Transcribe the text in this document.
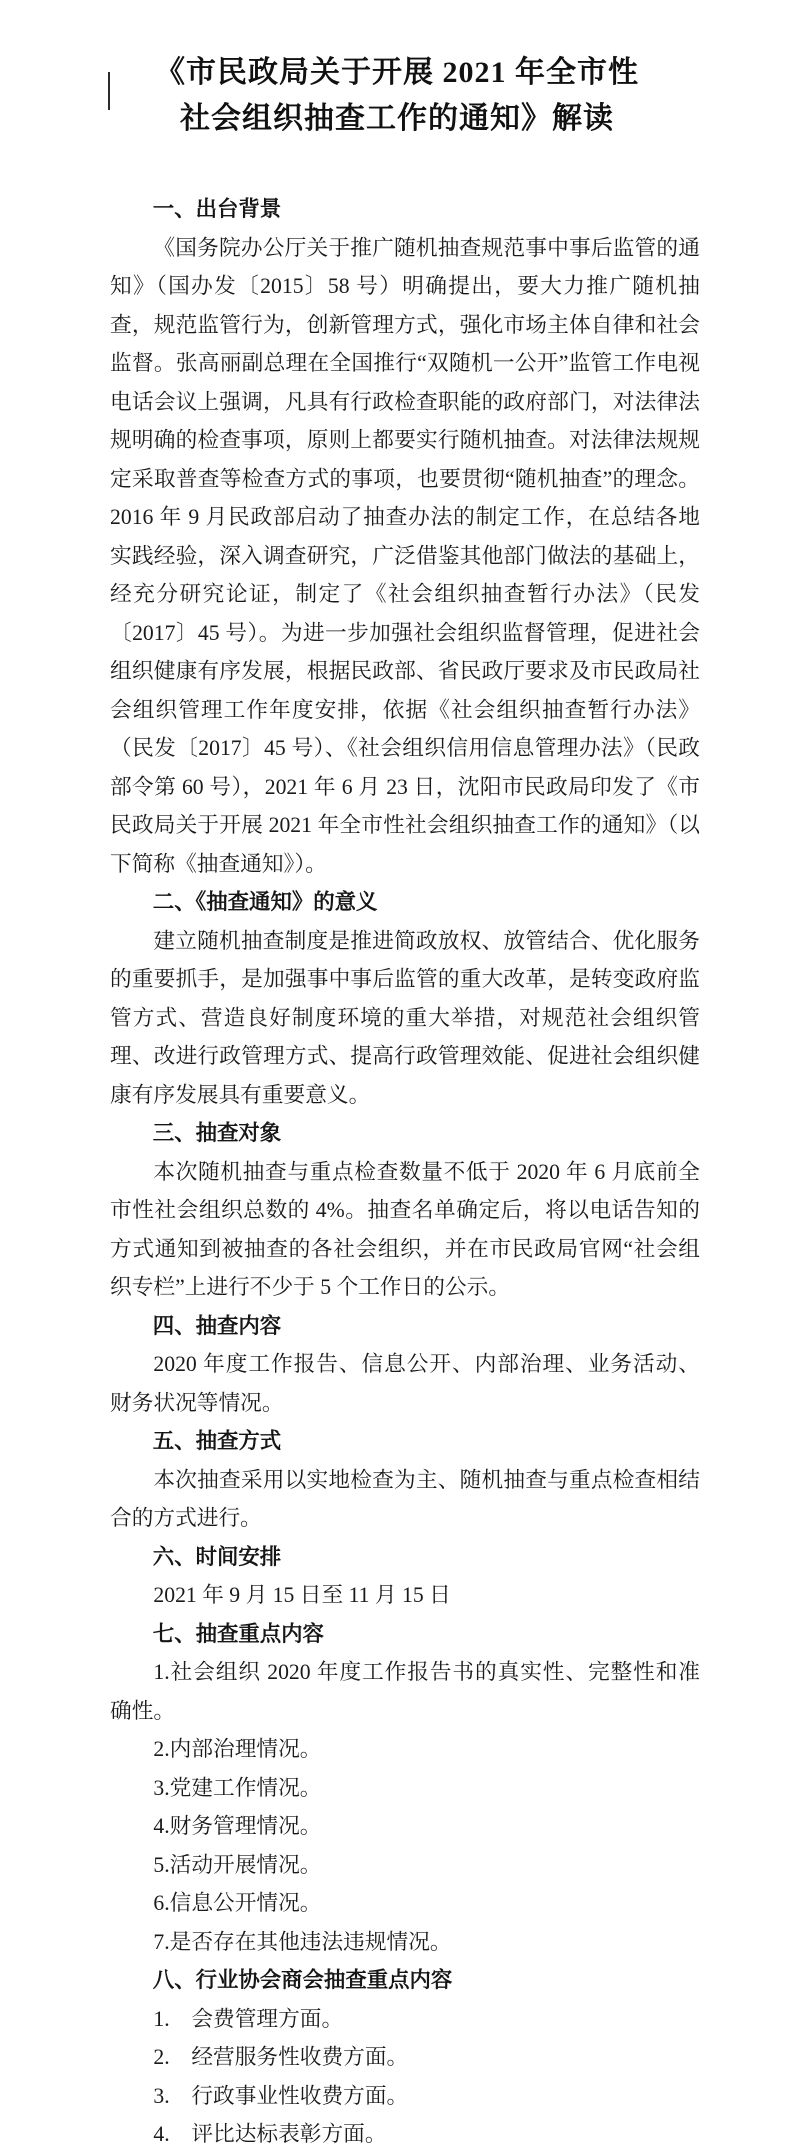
《市民政局关于开展 2021 年全市性
社会组织抽查工作的通知》解读
一、出台背景

《国务院办公厅关于推广随机抽查规范事中事后监管的通知》（国办发〔2015〕58 号）明确提出，要大力推广随机抽查，规范监管行为，创新管理方式，强化市场主体自律和社会监督。张高丽副总理在全国推行“双随机一公开”监管工作电视电话会议上强调，凡具有行政检查职能的政府部门，对法律法规明确的检查事项，原则上都要实行随机抽查。对法律法规规定采取普查等检查方式的事项，也要贯彻“随机抽查”的理念。2016 年 9 月民政部启动了抽查办法的制定工作，在总结各地实践经验，深入调查研究，广泛借鉴其他部门做法的基础上，经充分研究论证，制定了《社会组织抽查暂行办法》（民发〔2017〕45 号）。为进一步加强社会组织监督管理，促进社会组织健康有序发展，根据民政部、省民政厅要求及市民政局社会组织管理工作年度安排，依据《社会组织抽查暂行办法》（民发〔2017〕45 号）、《社会组织信用信息管理办法》（民政部令第 60 号），2021 年 6 月 23 日，沈阳市民政局印发了《市民政局关于开展 2021 年全市性社会组织抽查工作的通知》（以下简称《抽查通知》）。

二、《抽查通知》的意义

建立随机抽查制度是推进简政放权、放管结合、优化服务的重要抓手，是加强事中事后监管的重大改革，是转变政府监管方式、营造良好制度环境的重大举措，对规范社会组织管理、改进行政管理方式、提高行政管理效能、促进社会组织健康有序发展具有重要意义。

三、抽查对象

本次随机抽查与重点检查数量不低于 2020 年 6 月底前全市性社会组织总数的 4%。抽查名单确定后，将以电话告知的方式通知到被抽查的各社会组织，并在市民政局官网“社会组织专栏”上进行不少于 5 个工作日的公示。

四、抽查内容

2020 年度工作报告、信息公开、内部治理、业务活动、财务状况等情况。

五、抽查方式

本次抽查采用以实地检查为主、随机抽查与重点检查相结合的方式进行。

六、时间安排

2021 年 9 月 15 日至 11 月 15 日

七、抽查重点内容

1.社会组织 2020 年度工作报告书的真实性、完整性和准确性。

2.内部治理情况。

3.党建工作情况。

4.财务管理情况。

5.活动开展情况。

6.信息公开情况。

7.是否存在其他违法违规情况。

八、行业协会商会抽查重点内容

1.　会费管理方面。

2.　经营服务性收费方面。

3.　行政事业性收费方面。

4.　评比达标表彰方面。
